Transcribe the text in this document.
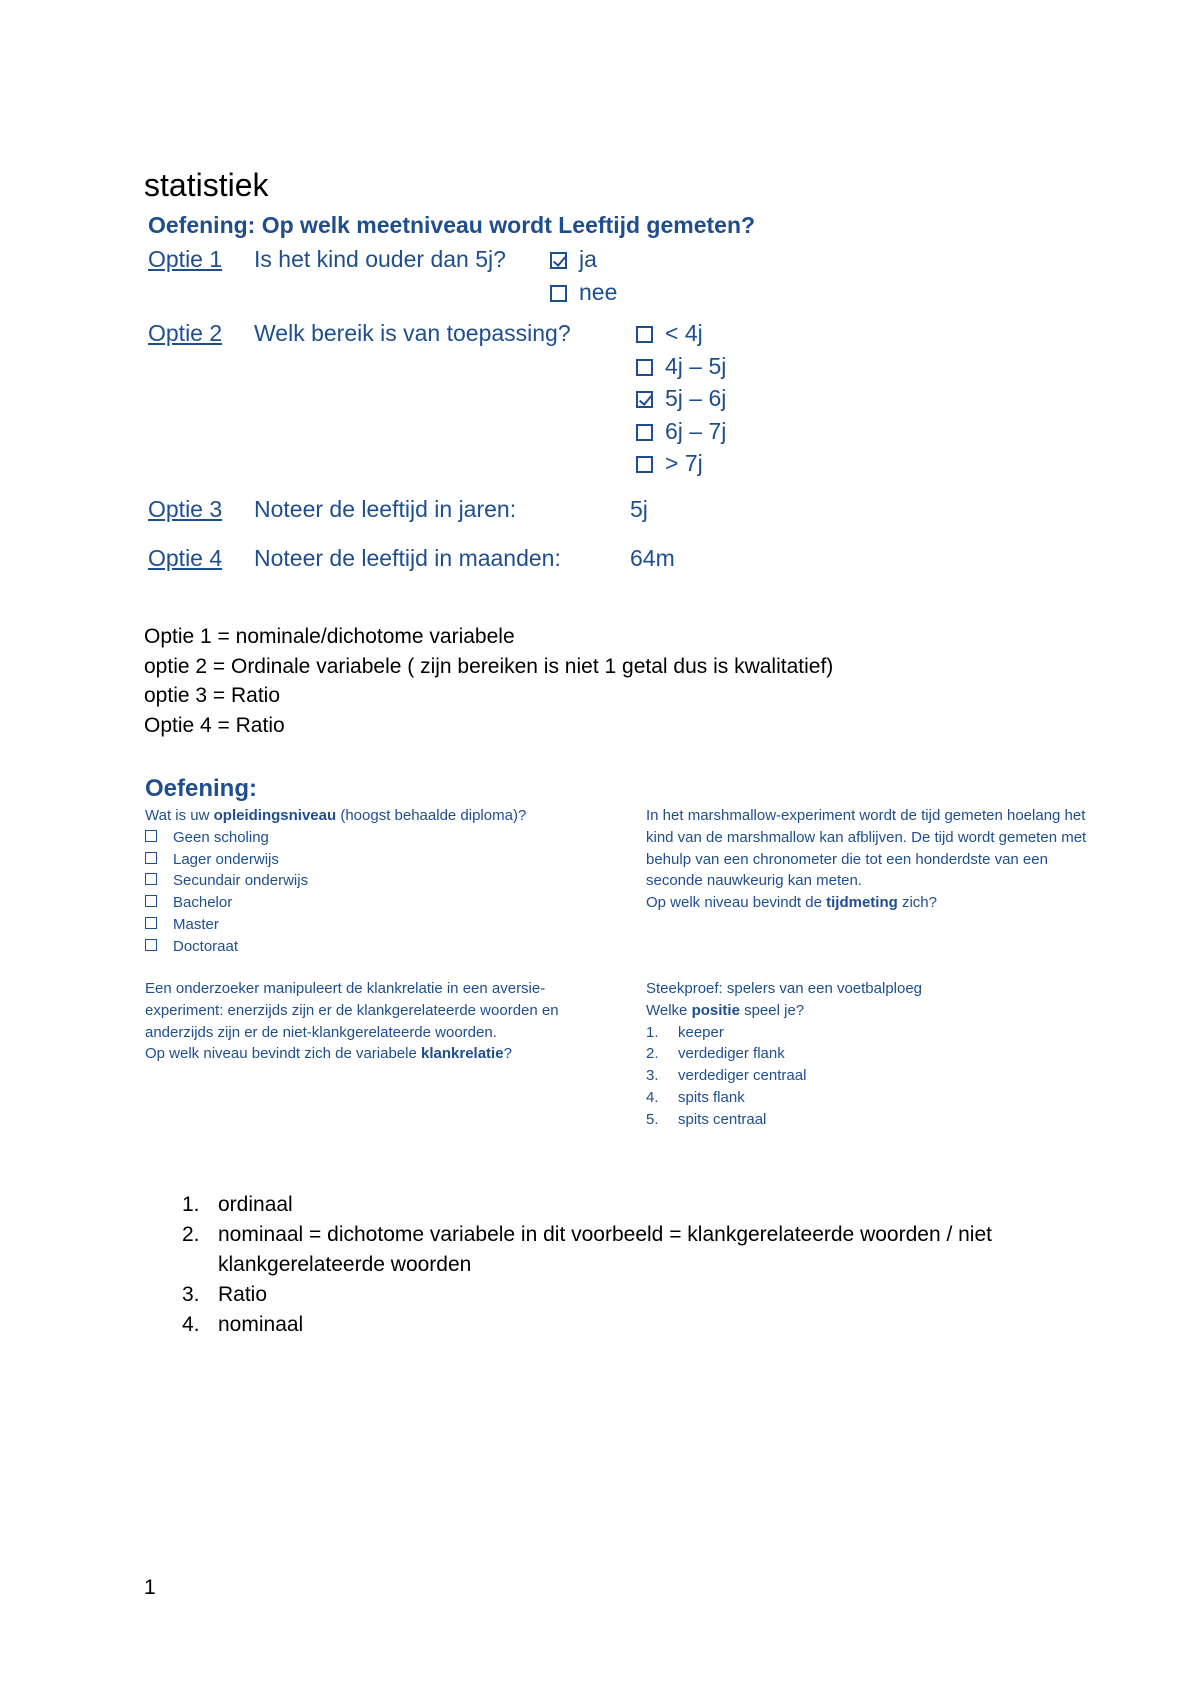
statistiek
Oefening: Op welk meetniveau wordt Leeftijd gemeten?
Optie 1 Is het kind ouder dan 5j?	ja
nee
Optie 2 Welk bereik is van toepassing?	< 4j
4j – 5j
5j – 6j
6j – 7j
> 7j
Optie 3 Noteer de leeftijd in jaren:	5j
Optie 4 Noteer de leeftijd in maanden:	64m
Optie 1 = nominale/dichotome variabele
optie 2 = Ordinale variabele ( zijn bereiken is niet 1 getal dus is kwalitatief)
optie 3 = Ratio
Optie 4 = Ratio
Oefening:
Wat is uw opleidingsniveau (hoogst behaalde diploma)?
Geen scholing
Lager onderwijs
Secundair onderwijs
Bachelor
Master
Doctoraat
In het marshmallow-experiment wordt de tijd gemeten hoelang het
kind van de marshmallow kan afblijven. De tijd wordt gemeten met
behulp van een chronometer die tot een honderdste van een
seconde nauwkeurig kan meten.
Op welk niveau bevindt de tijdmeting zich?
Een onderzoeker manipuleert de klankrelatie in een aversie-
experiment: enerzijds zijn er de klankgerelateerde woorden en
anderzijds zijn er de niet-klankgerelateerde woorden.
Op welk niveau bevindt zich de variabele klankrelatie?
Steekproef: spelers van een voetbalploeg
Welke positie speel je?
1. keeper
2. verdediger flank
3. verdediger centraal
4. spits flank
5. spits centraal
1. ordinaal
2. nominaal = dichotome variabele in dit voorbeeld = klankgerelateerde woorden / niet klankgerelateerde woorden
3. Ratio
4. nominaal
1
